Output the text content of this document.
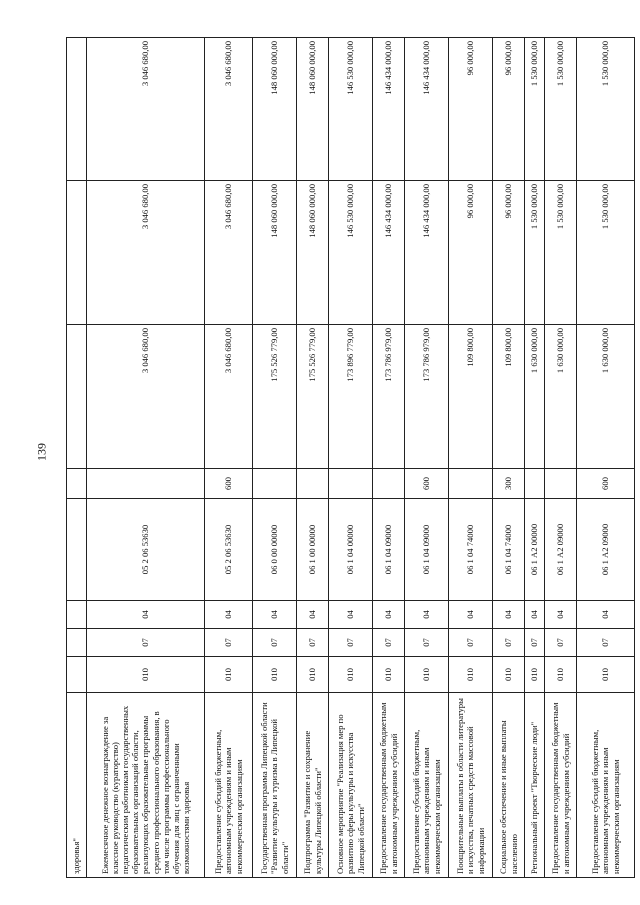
139
здоровья"								
Ежемесячное денежное вознаграждение за классное руководство (кураторство) педагогическим работникам государственных образовательных организаций области, реализующих образовательные программы среднего профессионального образования, в том числе программы профессионального обучения для лиц с ограниченными возможностями здоровья	010	07	04	05 2 06 53630		3 046 680,00	3 046 680,00	3 046 680,00
Предоставление субсидий бюджетным, автономным учреждениям и иным некоммерческим организациям	010	07	04	05 2 06 53630	600	3 046 680,00	3 046 680,00	3 046 680,00
Государственная программа Липецкой области "Развитие культуры и туризма в Липецкой области"	010	07	04	06 0 00 00000		175 526 779,00	148 060 000,00	148 060 000,00
Подпрограмма "Развитие и сохранение культуры Липецкой области"	010	07	04	06 1 00 00000		175 526 779,00	148 060 000,00	148 060 000,00
Основное мероприятие "Реализация мер по развитию сферы культуры и искусства Липецкой области"	010	07	04	06 1 04 00000		173 896 779,00	146 530 000,00	146 530 000,00
Предоставление государственным бюджетным и автономным учреждениям субсидий	010	07	04	06 1 04 09000		173 786 979,00	146 434 000,00	146 434 000,00
Предоставление субсидий бюджетным, автономным учреждениям и иным некоммерческим организациям	010	07	04	06 1 04 09000	600	173 786 979,00	146 434 000,00	146 434 000,00
Поощрительные выплаты в области литературы и искусства, печатных средств массовой информации	010	07	04	06 1 04 74000		109 800,00	96 000,00	96 000,00
Социальное обеспечение и иные выплаты населению	010	07	04	06 1 04 74000	300	109 800,00	96 000,00	96 000,00
Региональный проект "Творческие люди"	010	07	04	06 1 А2 00000		1 630 000,00	1 530 000,00	1 530 000,00
Предоставление государственным бюджетным и автономным учреждениям субсидий	010	07	04	06 1 А2 09000		1 630 000,00	1 530 000,00	1 530 000,00
Предоставление субсидий бюджетным, автономным учреждениям и иным некоммерческим организациям	010	07	04	06 1 А2 09000	600	1 630 000,00	1 530 000,00	1 530 000,00
